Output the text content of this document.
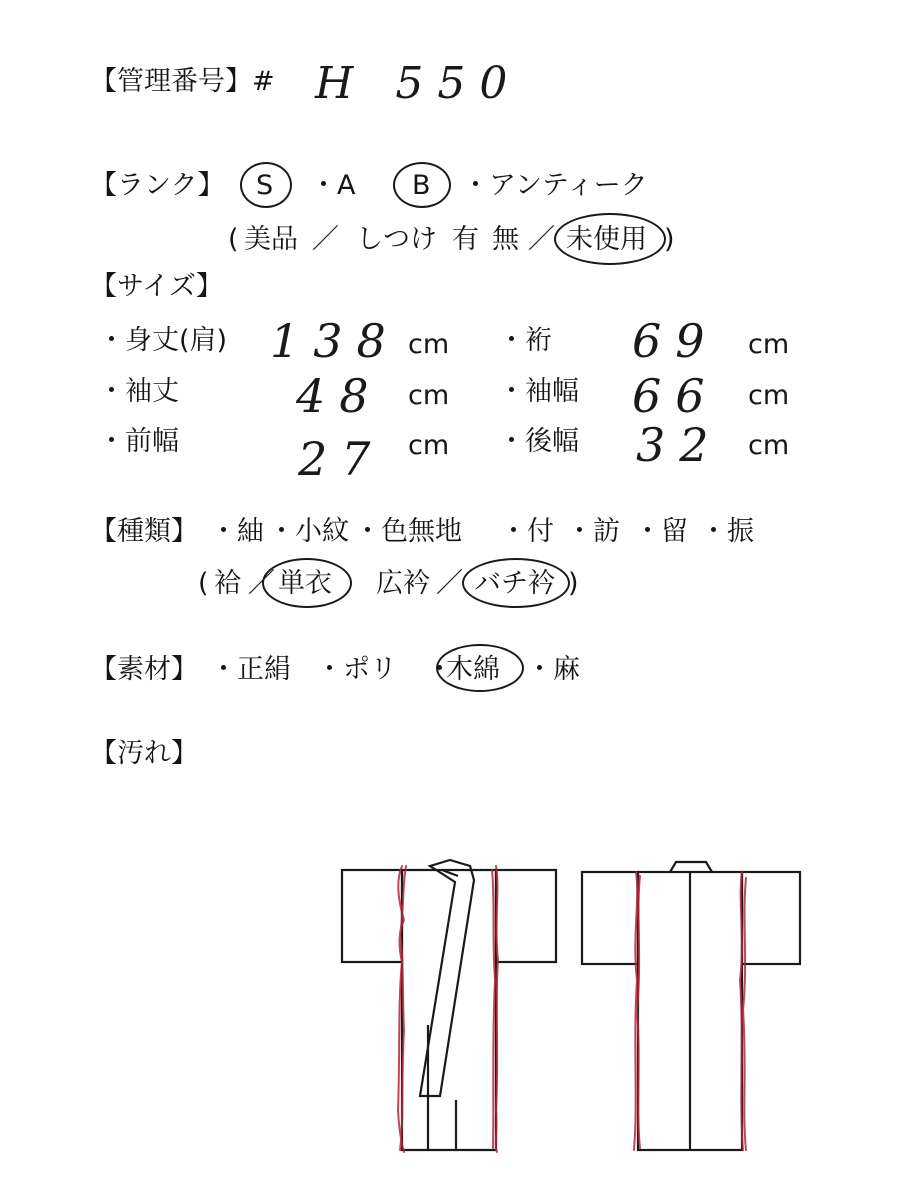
【管理番号】# H 550
【ランク】 S ・A B ・アンティーク
( 美品 ／ しつけ 有 無 ／ 未使用 )
【サイズ】
・身丈(肩) 138 cm ・裄 69 cm
・袖丈	48 cm ・袖幅 66 cm
・前幅	27 cm ・後幅 32 cm
【種類】 ・紬 ・小紋 ・色無地 ・付 ・訪 ・留 ・振
( 袷 ／ 単衣 広衿 ／ バチ衿 )
【素材】 ・正絹 ・ポリ ・
木綿 ・麻
【汚れ】
